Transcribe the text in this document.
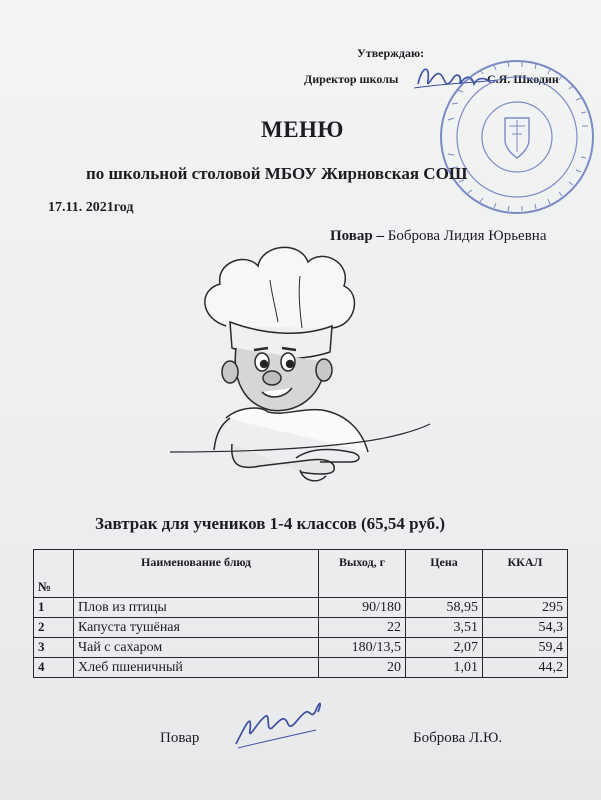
Утверждаю:
Директор школы	С.Я. Шкодин
МЕНЮ
по школьной столовой МБОУ Жирновская СОШ
17.11. 2021год
Повар – Боброва Лидия Юрьевна
Завтрак для учеников 1-4 классов (65,54 руб.)
№	Наименование блюд	Выход, г	Цена	ККАЛ
1	Плов из птицы	90/180	58,95	295
2	Капуста тушёная	22	3,51	54,3
3	Чай с сахаром	180/13,5	2,07	59,4
4	Хлеб пшеничный	20	1,01	44,2
Повар	Боброва Л.Ю.
